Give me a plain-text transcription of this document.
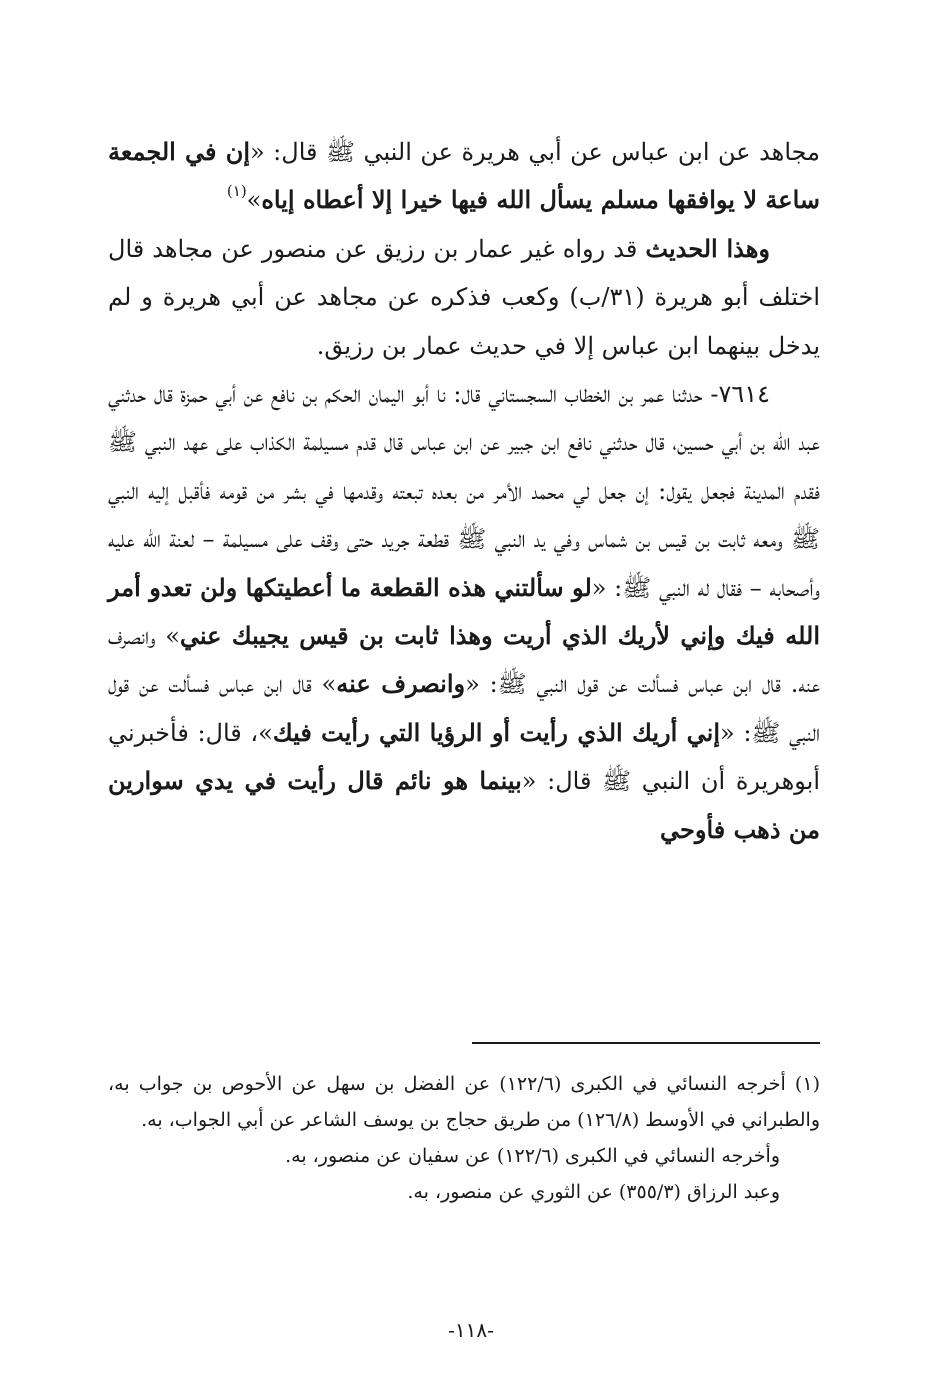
مجاهد عن ابن عباس عن أبي هريرة عن النبي ﷺ قال: «إن في الجمعة ساعة لا يوافقها مسلم يسأل الله فيها خيرا إلا أعطاه إياه»$^{(١)}$

وهذا الحديث قد رواه غير عمار بن رزيق عن منصور عن مجاهد قال اختلف أبو هريرة (٣١/ب) وكعب فذكره عن مجاهد عن أبي هريرة و لم يدخل بينهما ابن عباس إلا في حديث عمار بن رزيق.

٧٦١٤- حدثنا عمر بن الخطاب السجستاني قال: نا أبو اليمان الحكم بن نافع عن أبي حمزة قال حدثني عبد الله بن أبي حسين، قال حدثني نافع ابن جبير عن ابن عباس قال قدم مسيلمة الكذاب على عهد النبي ﷺ فقدم المدينة فجعل يقول: إن جعل لي محمد الأمر من بعده تبعته وقدمها في بشر من قومه فأقبل إليه النبي ﷺ ومعه ثابت بن قيس بن شماس وفي يد النبي ﷺ قطعة جريد حتى وقف على مسيلمة – لعنة الله عليه وأصحابه – فقال له النبي ﷺ: «لو سألتني هذه القطعة ما أعطيتكها ولن تعدو أمر الله فيك وإني لأريك الذي أريت وهذا ثابت بن قيس يجيبك عني» وانصرف عنه. قال ابن عباس فسألت عن قول النبي ﷺ: «وانصرف عنه» قال ابن عباس فسألت عن قول النبي ﷺ: «إني أريك الذي رأيت أو الرؤيا التي رأيت فيك»، قال: فأخبرني أبوهريرة أن النبي ﷺ قال: «بينما هو نائم قال رأيت في يدي سوارين من ذهب فأوحي

(١) أخرجه النسائي في الكبرى (١٢٢/٦) عن الفضل بن سهل عن الأحوص بن جواب به، والطبراني في الأوسط (١٢٦/٨) من طريق حجاج بن يوسف الشاعر عن أبي الجواب، به.

وأخرجه النسائي في الكبرى (١٢٢/٦) عن سفيان عن منصور، به.

وعبد الرزاق (٣٥٥/٣) عن الثوري عن منصور، به.

-١١٨-
